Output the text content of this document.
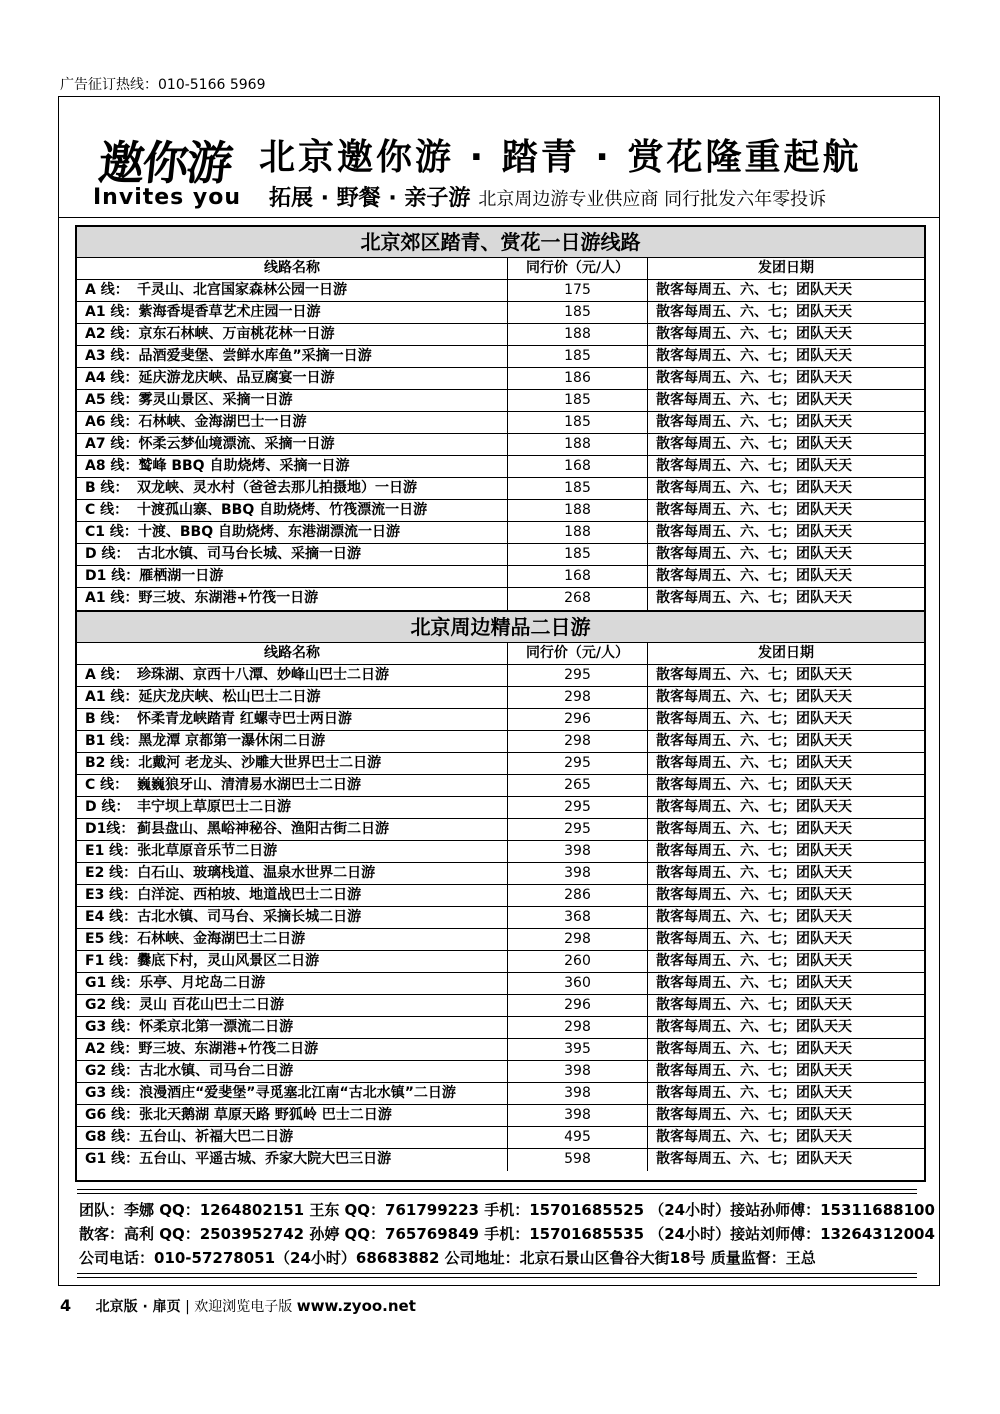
广告征订热线：010-5166 5969
邀你游
Invites you
北京邀你游 · 踏青 · 赏花隆重起航
拓展 · 野餐 · 亲子游 北京周边游专业供应商 同行批发六年零投诉
北京郊区踏青、赏花一日游线路
线路名称	同行价（元/人）	发团日期
A 线： 千灵山、北宫国家森林公园一日游	175	散客每周五、六、七；团队天天
A1 线：紫海香堤香草艺术庄园一日游	185	散客每周五、六、七；团队天天
A2 线：京东石林峡、万亩桃花林一日游	188	散客每周五、六、七；团队天天
A3 线：品酒爱斐堡、尝鲜水库鱼”采摘一日游	185	散客每周五、六、七；团队天天
A4 线：延庆游龙庆峡、品豆腐宴一日游	186	散客每周五、六、七；团队天天
A5 线：雾灵山景区、采摘一日游	185	散客每周五、六、七；团队天天
A6 线：石林峡、金海湖巴士一日游	185	散客每周五、六、七；团队天天
A7 线：怀柔云梦仙境漂流、采摘一日游	188	散客每周五、六、七；团队天天
A8 线：鹫峰 BBQ 自助烧烤、采摘一日游	168	散客每周五、六、七；团队天天
B 线： 双龙峡、灵水村（爸爸去那儿拍摄地）一日游	185	散客每周五、六、七；团队天天
C 线： 十渡孤山寨、BBQ 自助烧烤、竹筏漂流一日游	188	散客每周五、六、七；团队天天
C1 线：十渡、BBQ 自助烧烤、东港湖漂流一日游	188	散客每周五、六、七；团队天天
D 线： 古北水镇、司马台长城、采摘一日游	185	散客每周五、六、七；团队天天
D1 线：雁栖湖一日游	168	散客每周五、六、七；团队天天
A1 线：野三坡、东湖港+竹筏一日游	268	散客每周五、六、七；团队天天
北京周边精品二日游
线路名称	同行价（元/人）	发团日期
A 线： 珍珠湖、京西十八潭、妙峰山巴士二日游	295	散客每周五、六、七；团队天天
A1 线：延庆龙庆峡、松山巴士二日游	298	散客每周五、六、七；团队天天
B 线： 怀柔青龙峡踏青 红螺寺巴士两日游	296	散客每周五、六、七；团队天天
B1 线：黑龙潭 京都第一瀑休闲二日游	298	散客每周五、六、七；团队天天
B2 线：北戴河 老龙头、沙雕大世界巴士二日游	295	散客每周五、六、七；团队天天
C 线： 巍巍狼牙山、清清易水湖巴士二日游	265	散客每周五、六、七；团队天天
D 线： 丰宁坝上草原巴士二日游	295	散客每周五、六、七；团队天天
D1线： 蓟县盘山、黑峪神秘谷、渔阳古街二日游	295	散客每周五、六、七；团队天天
E1 线：张北草原音乐节二日游	398	散客每周五、六、七；团队天天
E2 线：白石山、玻璃栈道、温泉水世界二日游	398	散客每周五、六、七；团队天天
E3 线：白洋淀、西柏坡、地道战巴士二日游	286	散客每周五、六、七；团队天天
E4 线：古北水镇、司马台、采摘长城二日游	368	散客每周五、六、七；团队天天
E5 线：石林峡、金海湖巴士二日游	298	散客每周五、六、七；团队天天
F1 线：爨底下村，灵山风景区二日游	260	散客每周五、六、七；团队天天
G1 线：乐亭、月坨岛二日游	360	散客每周五、六、七；团队天天
G2 线：灵山 百花山巴士二日游	296	散客每周五、六、七；团队天天
G3 线：怀柔京北第一漂流二日游	298	散客每周五、六、七；团队天天
A2 线：野三坡、东湖港+竹筏二日游	395	散客每周五、六、七；团队天天
G2 线：古北水镇、司马台二日游	398	散客每周五、六、七；团队天天
G3 线：浪漫酒庄“爱斐堡”寻觅塞北江南“古北水镇”二日游	398	散客每周五、六、七；团队天天
G6 线：张北天鹅湖 草原天路 野狐岭 巴士二日游	398	散客每周五、六、七；团队天天
G8 线：五台山、祈福大巴二日游	495	散客每周五、六、七；团队天天
G1 线：五台山、平遥古城、乔家大院大巴三日游	598	散客每周五、六、七；团队天天
团队：李娜 QQ：1264802151 王东 QQ：761799223 手机：15701685525 （24小时）接站孙师傅：15311688100
散客：高利 QQ：2503952742 孙婷 QQ：765769849 手机：15701685535 （24小时）接站刘师傅：13264312004
公司电话：010-57278051（24小时）68683882 公司地址：北京石景山区鲁谷大街18号 质量监督：王总
4 北京版 · 扉页 | 欢迎浏览电子版 www.zyoo.net
